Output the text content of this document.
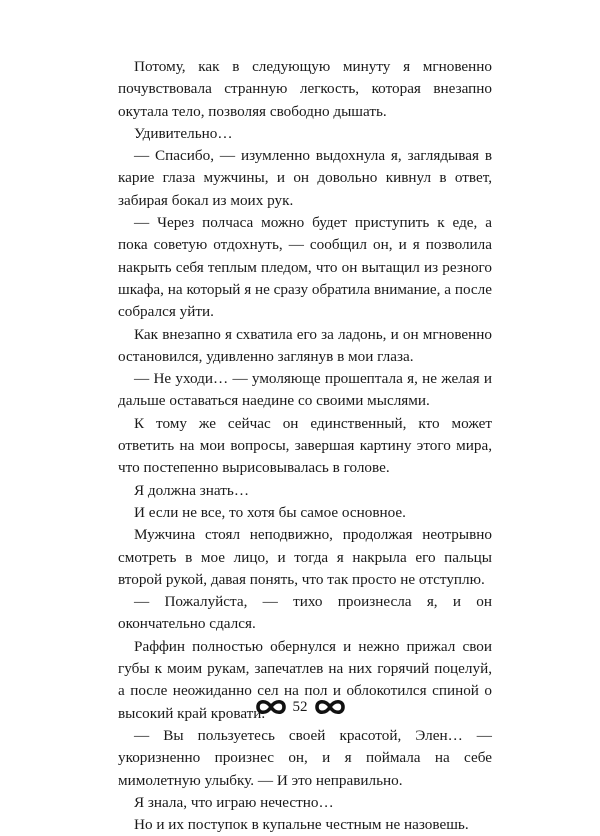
Потому, как в следующую минуту я мгновенно почувствовала странную легкость, которая внезапно окутала тело, позволяя свободно дышать.

Удивительно…

— Спасибо, — изумленно выдохнула я, заглядывая в карие глаза мужчины, и он довольно кивнул в ответ, забирая бокал из моих рук.

— Через полчаса можно будет приступить к еде, а пока советую отдохнуть, — сообщил он, и я позволила накрыть себя теплым пледом, что он вытащил из резного шкафа, на который я не сразу обратила внимание, а после собрался уйти.

Как внезапно я схватила его за ладонь, и он мгновенно остановился, удивленно заглянув в мои глаза.

— Не уходи… — умоляюще прошептала я, не желая и дальше оставаться наедине со своими мыслями.

К тому же сейчас он единственный, кто может ответить на мои вопросы, завершая картину этого мира, что постепенно вырисовывалась в голове.

Я должна знать…

И если не все, то хотя бы самое основное.

Мужчина стоял неподвижно, продолжая неотрывно смотреть в мое лицо, и тогда я накрыла его пальцы второй рукой, давая понять, что так просто не отступлю.

— Пожалуйста, — тихо произнесла я, и он окончательно сдался.

Раффин полностью обернулся и нежно прижал свои губы к моим рукам, запечатлев на них горячий поцелуй, а после неожиданно сел на пол и облокотился спиной о высокий край кровати.

— Вы пользуетесь своей красотой, Элен… — укоризненно произнес он, и я поймала на себе мимолетную улыбку. — И это неправильно.

Я знала, что играю нечестно…

Но и их поступок в купальне честным не назовешь.

52
